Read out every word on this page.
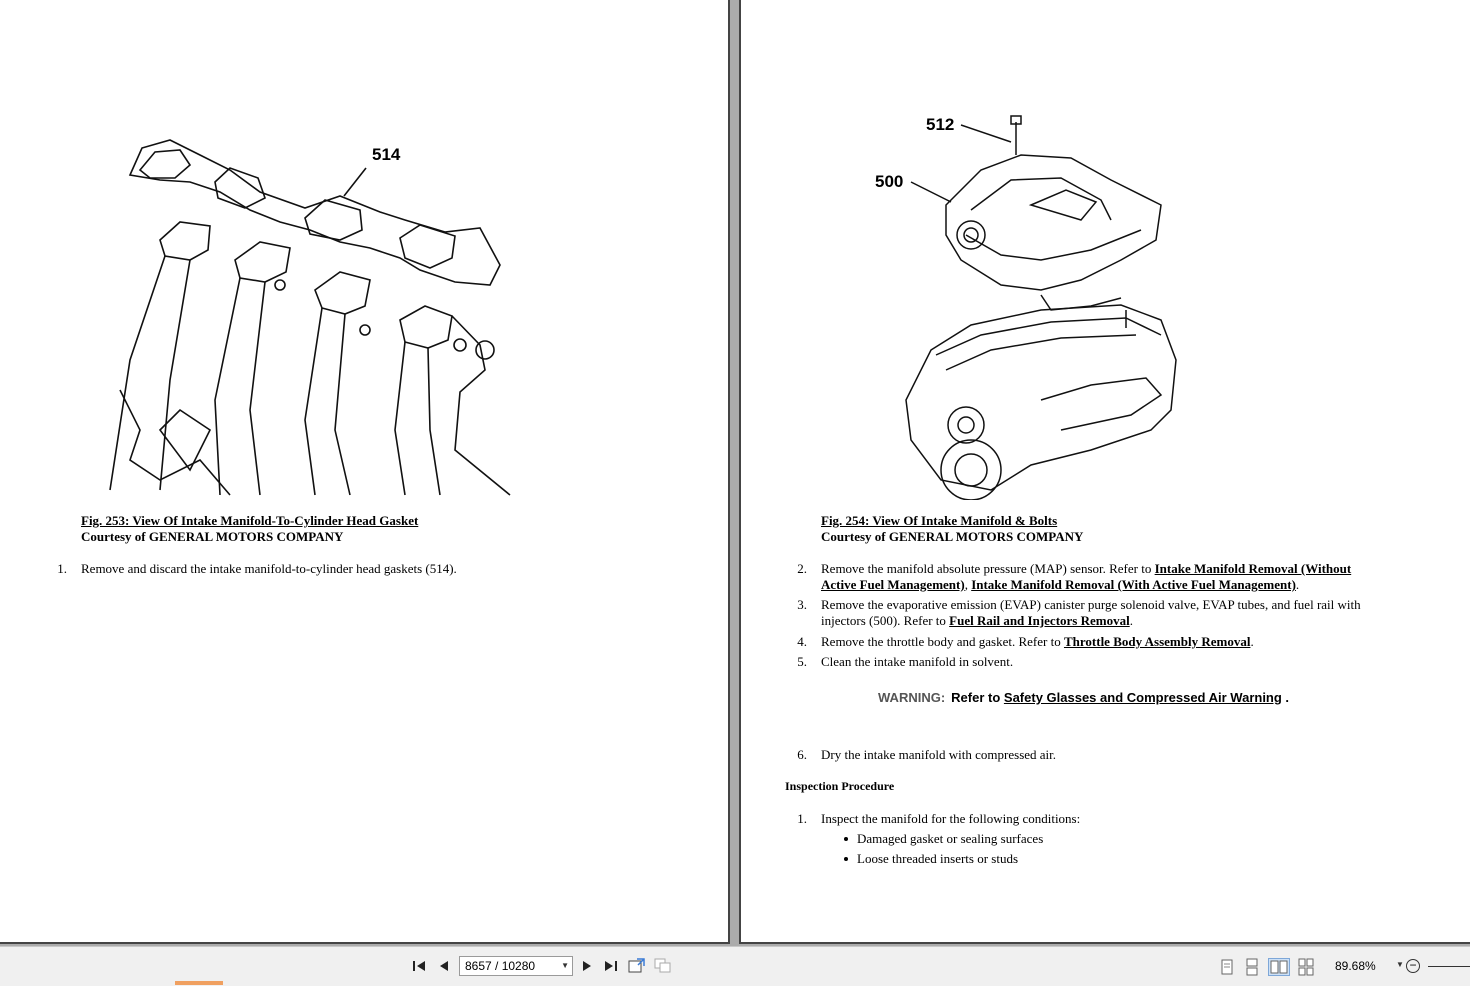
514
Fig. 253: View Of Intake Manifold-To-Cylinder Head Gasket
Courtesy of GENERAL MOTORS COMPANY
1. Remove and discard the intake manifold-to-cylinder head gaskets (514).
512
500
Fig. 254: View Of Intake Manifold & Bolts
Courtesy of GENERAL MOTORS COMPANY
2. Remove the manifold absolute pressure (MAP) sensor. Refer to Intake Manifold Removal (Without
Active Fuel Management), Intake Manifold Removal (With Active Fuel Management).
3. Remove the evaporative emission (EVAP) canister purge solenoid valve, EVAP tubes, and fuel rail with
injectors (500). Refer to Fuel Rail and Injectors Removal.
4. Remove the throttle body and gasket. Refer to Throttle Body Assembly Removal.
5. Clean the intake manifold in solvent.
WARNING: Refer to Safety Glasses and Compressed Air Warning .
6. Dry the intake manifold with compressed air.
Inspection Procedure
1. Inspect the manifold for the following conditions:
Damaged gasket or sealing surfaces
Loose threaded inserts or studs
8657 / 10280	▼	89.68%	▼ −
